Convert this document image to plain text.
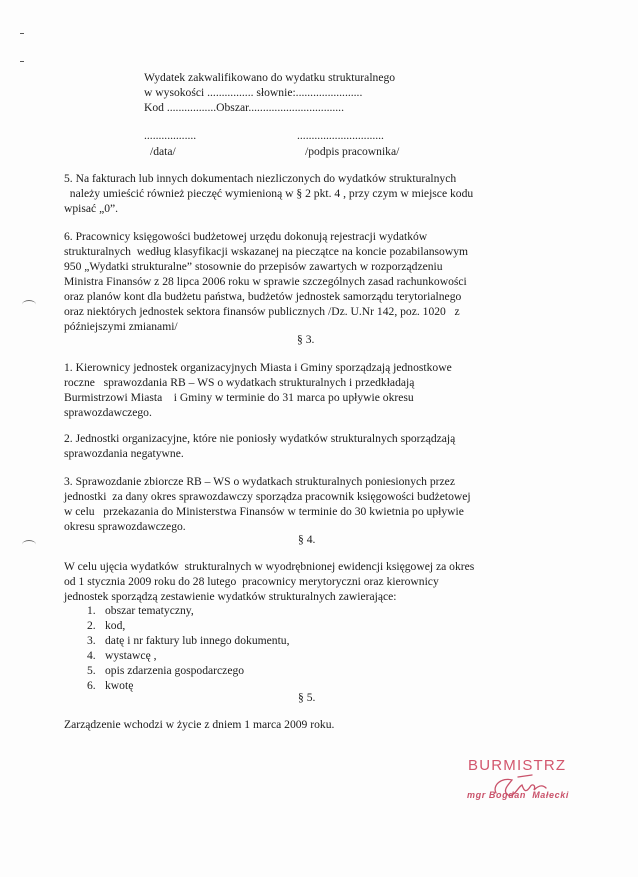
Wydatek zakwalifikowano do wydatku strukturalnego
w wysokości ................ słownie:.......................
Kod .................Obszar.................................
..................	..............................
/data/	/podpis pracownika/
5. Na fakturach lub innych dokumentach niezliczonych do wydatków strukturalnych
należy umieścić również pieczęć wymienioną w § 2 pkt. 4 , przy czym w miejsce kodu
wpisać „0”.
6. Pracownicy księgowości budżetowej urzędu dokonują rejestracji wydatków
strukturalnych  według klasyfikacji wskazanej na pieczątce na koncie pozabilansowym
950 „Wydatki strukturalne” stosownie do przepisów zawartych w rozporządzeniu
Ministra Finansów z 28 lipca 2006 roku w sprawie szczególnych zasad rachunkowości
oraz planów kont dla budżetu państwa, budżetów jednostek samorządu terytorialnego
oraz niektórych jednostek sektora finansów publicznych /Dz. U.Nr 142, poz. 1020   z
późniejszymi zmianami/
§ 3.
1. Kierownicy jednostek organizacyjnych Miasta i Gminy sporządzają jednostkowe
roczne   sprawozdania RB – WS o wydatkach strukturalnych i przedkładają
Burmistrzowi Miasta    i Gminy w terminie do 31 marca po upływie okresu
sprawozdawczego.
2. Jednostki organizacyjne, które nie poniosły wydatków strukturalnych sporządzają
sprawozdania negatywne.
3. Sprawozdanie zbiorcze RB – WS o wydatkach strukturalnych poniesionych przez
jednostki  za dany okres sprawozdawczy sporządza pracownik księgowości budżetowej
w celu   przekazania do Ministerstwa Finansów w terminie do 30 kwietnia po upływie
okresu sprawozdawczego.
§ 4.
W celu ujęcia wydatków  strukturalnych w wyodrębnionej ewidencji księgowej za okres
od 1 stycznia 2009 roku do 28 lutego  pracownicy merytoryczni oraz kierownicy
jednostek sporządzą zestawienie wydatków strukturalnych zawierające:
1. obszar tematyczny,
2. kod,
3. datę i nr faktury lub innego dokumentu,
4. wystawcę ,
5. opis zdarzenia gospodarczego
6. kwotę
§ 5.
Zarządzenie wchodzi w życie z dniem 1 marca 2009 roku.
BURMISTRZ
mgr Bogdan  Małecki
